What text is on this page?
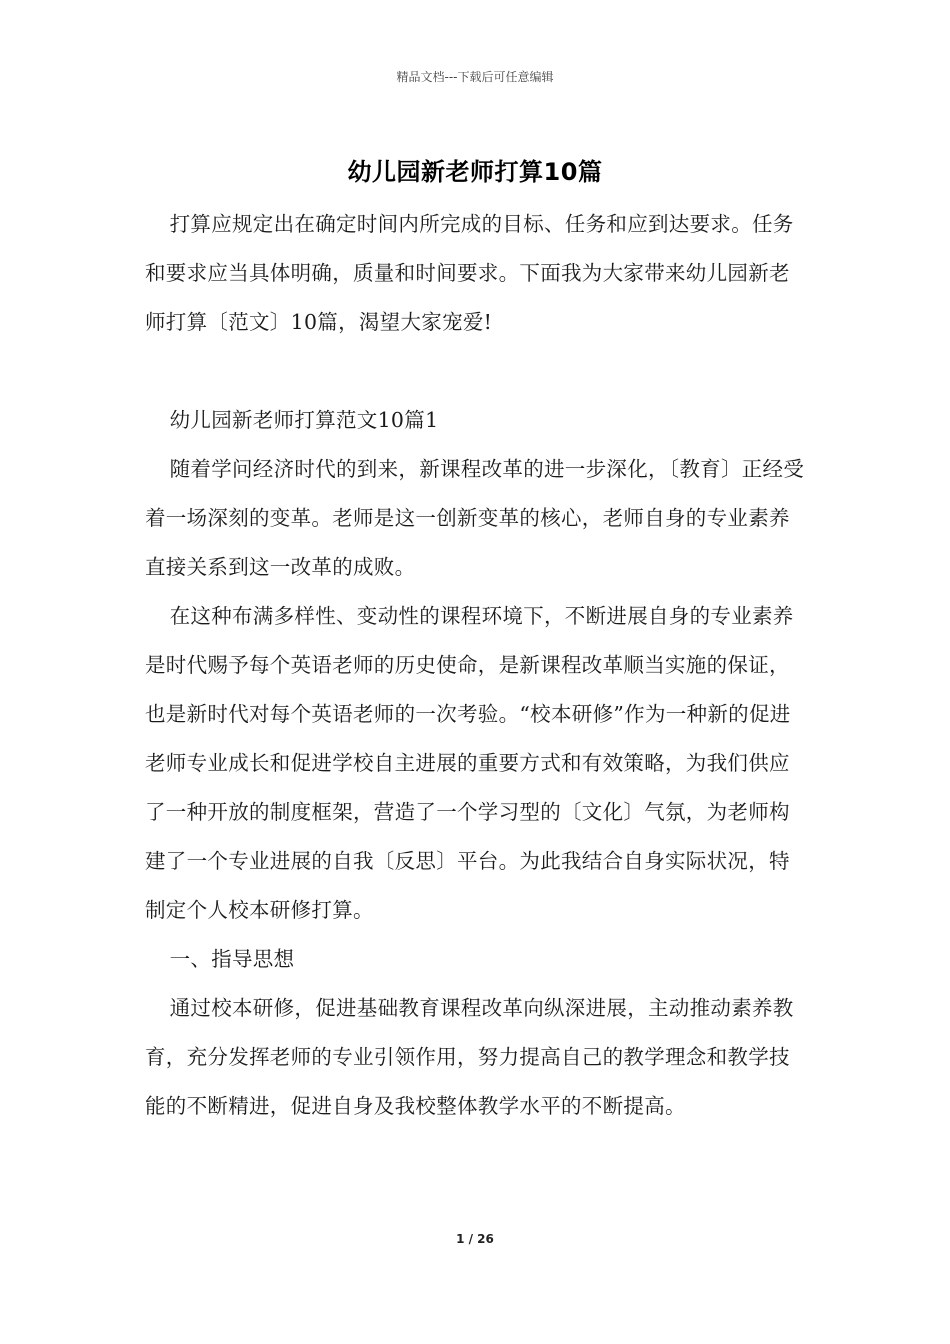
精品文档---下载后可任意编辑
幼儿园新老师打算10篇

打算应规定出在确定时间内所完成的目标、任务和应到达要求。任务和要求应当具体明确，质量和时间要求。下面我为大家带来幼儿园新老师打算〔范文〕10篇，渴望大家宠爱!

幼儿园新老师打算范文10篇1

随着学问经济时代的到来，新课程改革的进一步深化，〔教育〕正经受着一场深刻的变革。老师是这一创新变革的核心，老师自身的专业素养直接关系到这一改革的成败。

在这种布满多样性、变动性的课程环境下，不断进展自身的专业素养是时代赐予每个英语老师的历史使命，是新课程改革顺当实施的保证，也是新时代对每个英语老师的一次考验。“校本研修”作为一种新的促进老师专业成长和促进学校自主进展的重要方式和有效策略，为我们供应了一种开放的制度框架，营造了一个学习型的〔文化〕气氛，为老师构建了一个专业进展的自我〔反思〕平台。为此我结合自身实际状况，特制定个人校本研修打算。

一、指导思想

通过校本研修，促进基础教育课程改革向纵深进展，主动推动素养教育，充分发挥老师的专业引领作用，努力提高自己的教学理念和教学技能的不断精进，促进自身及我校整体教学水平的不断提高。

1 / 26
